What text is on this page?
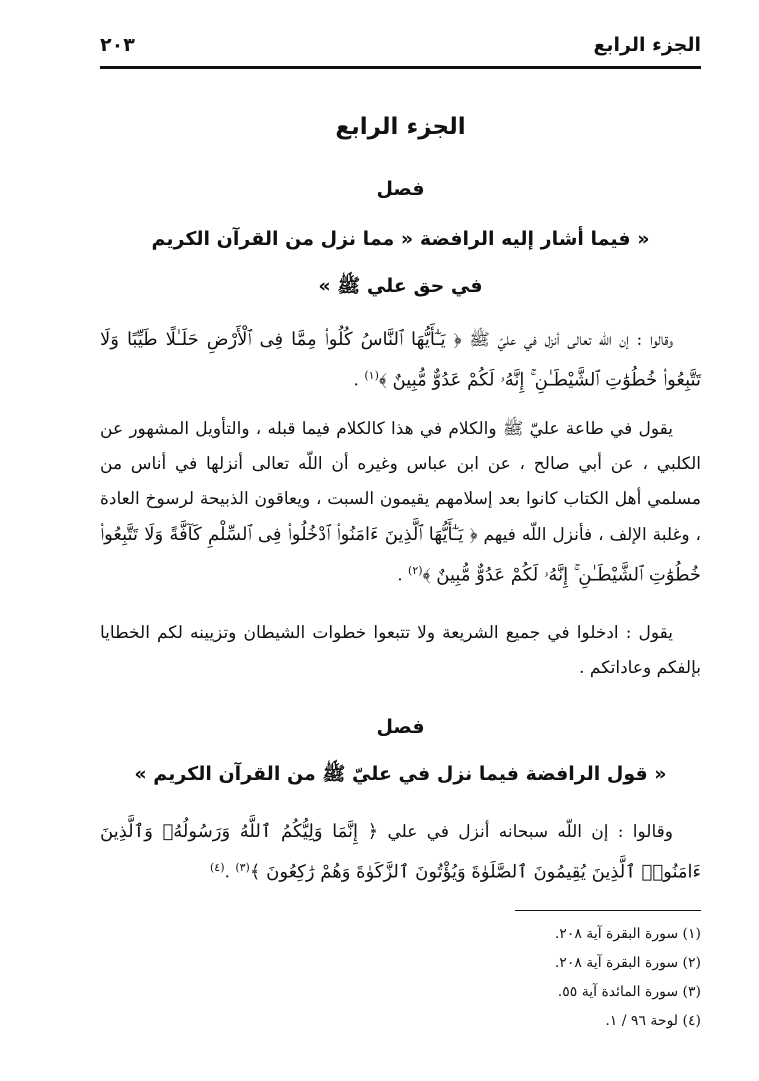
الجزء الرابع
٢٠٣
الجزء الرابع
فصل
« فيما أشار إليه الرافضة « مما نزل من القرآن الكريم
في حق علي ﷺ »

وقالوا : إن اللّه تعالى أنزل في عليّ ﷺ ﴿ يَـٰٓأَيُّهَا ٱلنَّاسُ كُلُوا۟ مِمَّا فِى ٱلْأَرْضِ حَلَـٰلًا طَيِّبًا وَلَا تَتَّبِعُوا۟ خُطُوَٰتِ ٱلشَّيْطَـٰنِ ۚ إِنَّهُۥ لَكُمْ عَدُوٌّ مُّبِينٌ ﴾$^{(١)}$ .

يقول في طاعة عليّ ﷺ والكلام في هذا كالكلام فيما قبله ، والتأويل المشهور عن الكلبي ، عن أبي صالح ، عن ابن عباس وغيره أن اللّه تعالى أنزلها في أناس من مسلمي أهل الكتاب كانوا بعد إسلامهم يقيمون السبت ، ويعاقون الذبيحة لرسوخ العادة ، وغلبة الإلف ، فأنزل اللّه فيهم ﴿ يَـٰٓأَيُّهَا ٱلَّذِينَ ءَامَنُوا۟ ٱدْخُلُوا۟ فِى ٱلسِّلْمِ كَآفَّةً وَلَا تَتَّبِعُوا۟ خُطُوَٰتِ ٱلشَّيْطَـٰنِ ۚ إِنَّهُۥ لَكُمْ عَدُوٌّ مُّبِينٌ ﴾$^{(٢)}$ .

يقول : ادخلوا في جميع الشريعة ولا تتبعوا خطوات الشيطان وتزيينه لكم الخطايا بإلفكم وعاداتكم .

فصل
« قول الرافضة فيما نزل في عليّ ﷺ من القرآن الكريم »

وقالوا : إن اللّه سبحانه أنزل في علي ﴿ إِنَّمَا وَلِيُّكُمُ ٱللَّهُ وَرَسُولُهُۥ وَٱلَّذِينَ ءَامَنُوا۟ ٱلَّذِينَ يُقِيمُونَ ٱلصَّلَوٰةَ وَيُؤْتُونَ ٱلزَّكَوٰةَ وَهُمْ رَٰكِعُونَ ﴾$^{(٣)}$ .$^{(٤)}$

(١) سورة البقرة آية ٢٠٨.
(٢) سورة البقرة آية ٢٠٨.
(٣) سورة المائدة آية ٥٥.
(٤) لوحة ٩٦ / ١.
